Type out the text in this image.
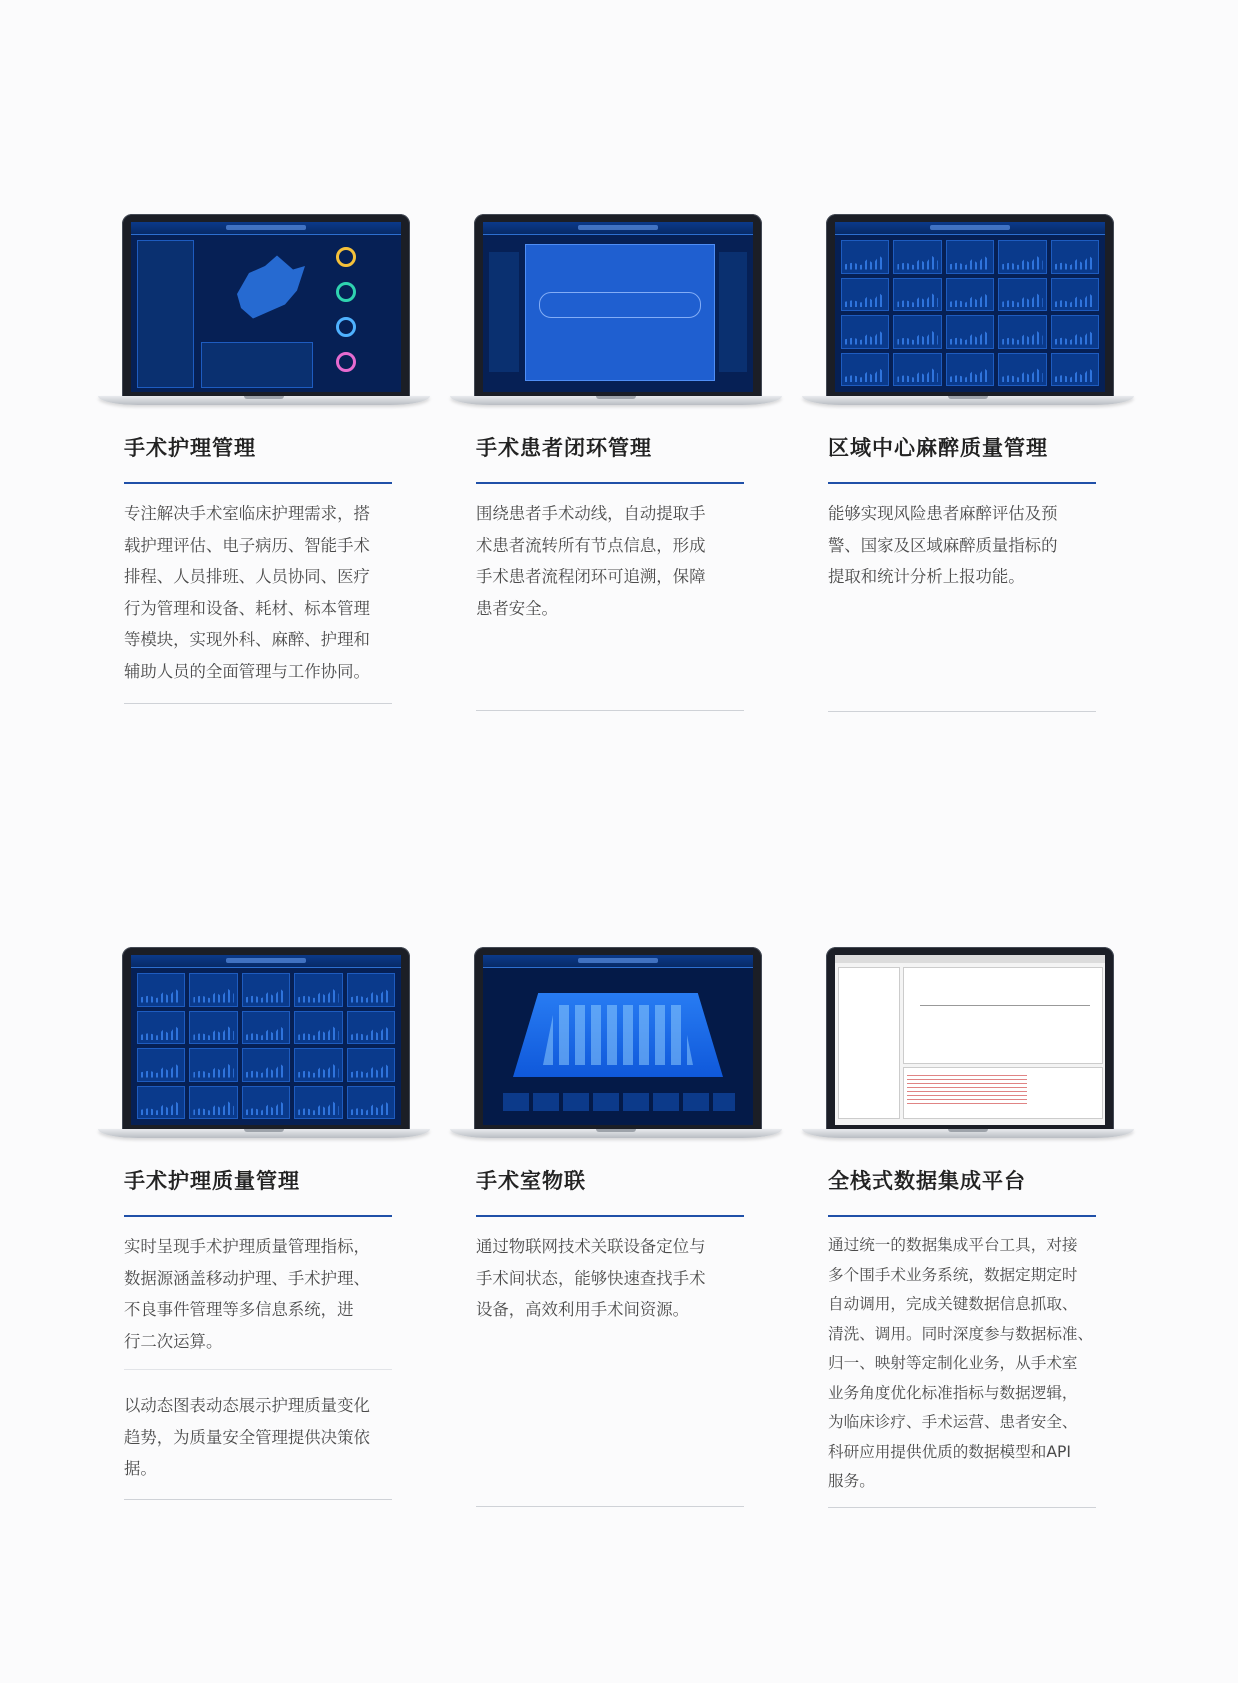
手术护理管理
专注解决手术室临床护理需求，搭
载护理评估、电子病历、智能手术
排程、人员排班、人员协同、医疗
行为管理和设备、耗材、标本管理
等模块，实现外科、麻醉、护理和
辅助人员的全面管理与工作协同。
手术患者闭环管理
围绕患者手术动线，自动提取手
术患者流转所有节点信息，形成
手术患者流程闭环可追溯，保障
患者安全。
区域中心麻醉质量管理
能够实现风险患者麻醉评估及预
警、国家及区域麻醉质量指标的
提取和统计分析上报功能。
手术护理质量管理
实时呈现手术护理质量管理指标，
数据源涵盖移动护理、手术护理、
不良事件管理等多信息系统，进
行二次运算。
以动态图表动态展示护理质量变化
趋势，为质量安全管理提供决策依
据。
手术室物联
通过物联网技术关联设备定位与
手术间状态，能够快速查找手术
设备，高效利用手术间资源。
全栈式数据集成平台
通过统一的数据集成平台工具，对接
多个围手术业务系统，数据定期定时
自动调用，完成关键数据信息抓取、
清洗、调用。同时深度参与数据标准、
归一、映射等定制化业务，从手术室
业务角度优化标准指标与数据逻辑，
为临床诊疗、手术运营、患者安全、
科研应用提供优质的数据模型和API
服务。
